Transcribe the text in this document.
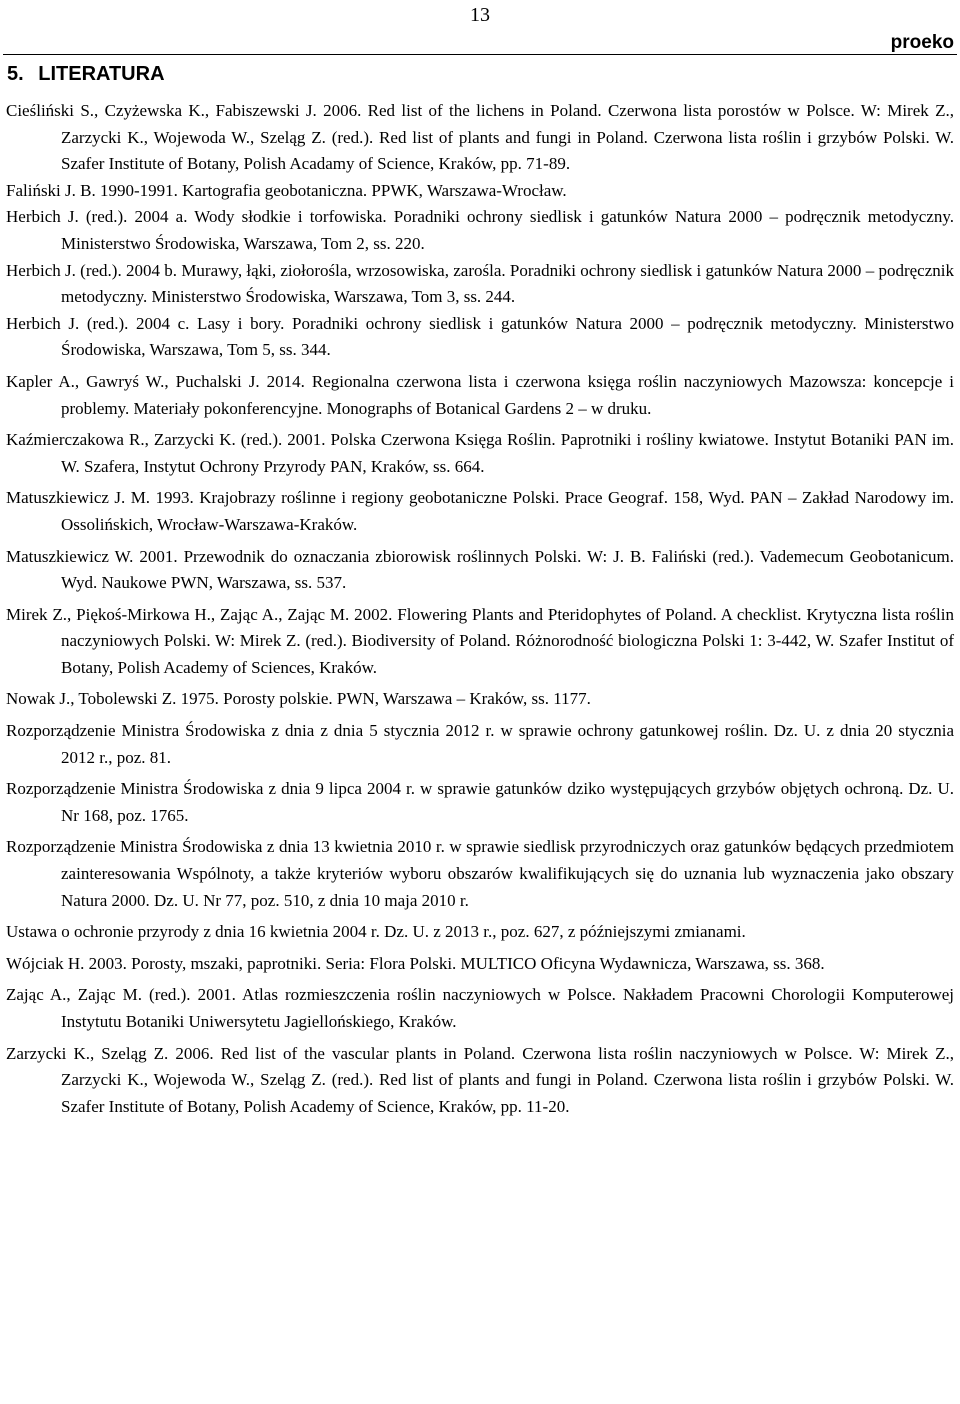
13
proeko
5. LITERATURA
Cieśliński S., Czyżewska K., Fabiszewski J. 2006. Red list of the lichens in Poland. Czerwona lista porostów w Polsce. W: Mirek Z., Zarzycki K., Wojewoda W., Szeląg Z. (red.). Red list of plants and fungi in Poland. Czerwona lista roślin i grzybów Polski. W. Szafer Institute of Botany, Polish Acadamy of Science, Kraków, pp. 71-89.
Faliński J. B. 1990-1991. Kartografia geobotaniczna. PPWK, Warszawa-Wrocław.
Herbich J. (red.). 2004 a. Wody słodkie i torfowiska. Poradniki ochrony siedlisk i gatunków Natura 2000 – podręcznik metodyczny. Ministerstwo Środowiska, Warszawa, Tom 2, ss. 220.
Herbich J. (red.). 2004 b. Murawy, łąki, ziołorośla, wrzosowiska, zarośla. Poradniki ochrony siedlisk i gatunków Natura 2000 – podręcznik metodyczny. Ministerstwo Środowiska, Warszawa, Tom 3, ss. 244.
Herbich J. (red.). 2004 c. Lasy i bory. Poradniki ochrony siedlisk i gatunków Natura 2000 – podręcznik metodyczny. Ministerstwo Środowiska, Warszawa, Tom 5, ss. 344.
Kapler A., Gawryś W., Puchalski J. 2014. Regionalna czerwona lista i czerwona księga roślin naczyniowych Mazowsza: koncepcje i problemy. Materiały pokonferencyjne. Monographs of Botanical Gardens 2 – w druku.
Kaźmierczakowa R., Zarzycki K. (red.). 2001. Polska Czerwona Księga Roślin. Paprotniki i rośliny kwiatowe. Instytut Botaniki PAN im. W. Szafera, Instytut Ochrony Przyrody PAN, Kraków, ss. 664.
Matuszkiewicz J. M. 1993. Krajobrazy roślinne i regiony geobotaniczne Polski. Prace Geograf. 158, Wyd. PAN – Zakład Narodowy im. Ossolińskich, Wrocław-Warszawa-Kraków.
Matuszkiewicz W. 2001. Przewodnik do oznaczania zbiorowisk roślinnych Polski. W: J. B. Faliński (red.). Vademecum Geobotanicum. Wyd. Naukowe PWN, Warszawa, ss. 537.
Mirek Z., Piękoś-Mirkowa H., Zając A., Zając M. 2002. Flowering Plants and Pteridophytes of Poland. A checklist. Krytyczna lista roślin naczyniowych Polski. W: Mirek Z. (red.). Biodiversity of Poland. Różnorodność biologiczna Polski 1: 3-442, W. Szafer Institut of Botany, Polish Academy of Sciences, Kraków.
Nowak J., Tobolewski Z. 1975. Porosty polskie. PWN, Warszawa – Kraków, ss. 1177.
Rozporządzenie Ministra Środowiska z dnia z dnia 5 stycznia 2012 r. w sprawie ochrony gatunkowej roślin. Dz. U. z dnia 20 stycznia 2012 r., poz. 81.
Rozporządzenie Ministra Środowiska z dnia 9 lipca 2004 r. w sprawie gatunków dziko występujących grzybów objętych ochroną. Dz. U. Nr 168, poz. 1765.
Rozporządzenie Ministra Środowiska z dnia 13 kwietnia 2010 r. w sprawie siedlisk przyrodniczych oraz gatunków będących przedmiotem zainteresowania Wspólnoty, a także kryteriów wyboru obszarów kwalifikujących się do uznania lub wyznaczenia jako obszary Natura 2000. Dz. U. Nr 77, poz. 510, z dnia 10 maja 2010 r.
Ustawa o ochronie przyrody z dnia 16 kwietnia 2004 r. Dz. U. z 2013 r., poz. 627, z późniejszymi zmianami.
Wójciak H. 2003. Porosty, mszaki, paprotniki. Seria: Flora Polski. MULTICO Oficyna Wydawnicza, Warszawa, ss. 368.
Zając A., Zając M. (red.). 2001. Atlas rozmieszczenia roślin naczyniowych w Polsce. Nakładem Pracowni Chorologii Komputerowej Instytutu Botaniki Uniwersytetu Jagiellońskiego, Kraków.
Zarzycki K., Szeląg Z. 2006. Red list of the vascular plants in Poland. Czerwona lista roślin naczyniowych w Polsce. W: Mirek Z., Zarzycki K., Wojewoda W., Szeląg Z. (red.). Red list of plants and fungi in Poland. Czerwona lista roślin i grzybów Polski. W. Szafer Institute of Botany, Polish Academy of Science, Kraków, pp. 11-20.
